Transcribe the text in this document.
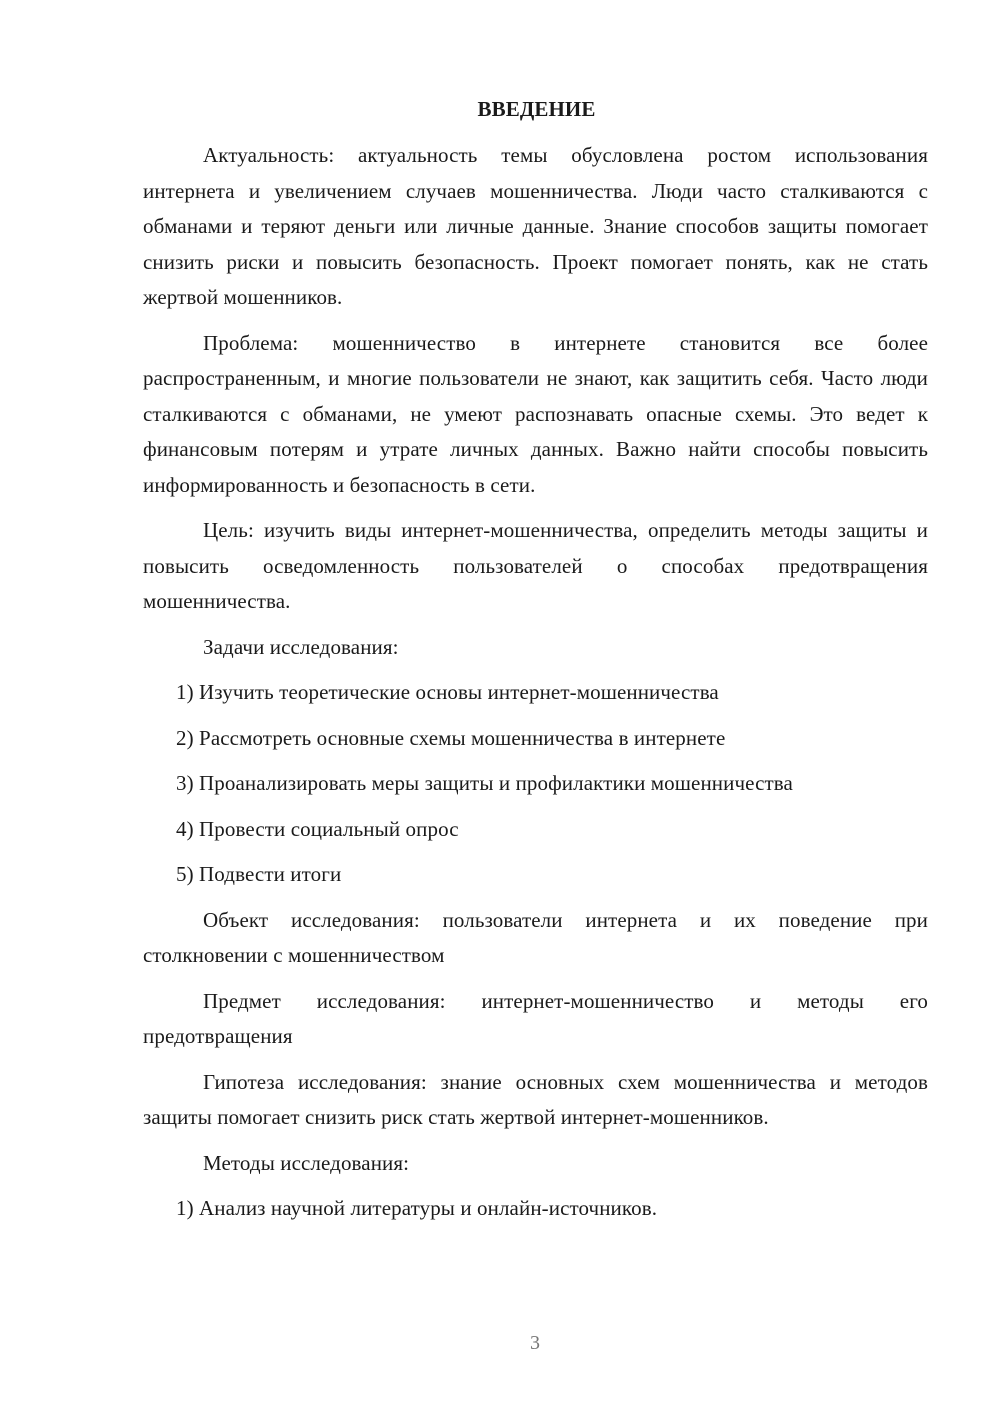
ВВЕДЕНИЕ

Актуальность: актуальность темы обусловлена ростом использования интернета и увеличением случаев мошенничества. Люди часто сталкиваются с обманами и теряют деньги или личные данные. Знание способов защиты помогает снизить риски и повысить безопасность. Проект помогает понять, как не стать жертвой мошенников.

Проблема: мошенничество в интернете становится все более распространенным, и многие пользователи не знают, как защитить себя. Часто люди сталкиваются с обманами, не умеют распознавать опасные схемы. Это ведет к финансовым потерям и утрате личных данных. Важно найти способы повысить информированность и безопасность в сети.

Цель: изучить виды интернет-мошенничества, определить методы защиты и повысить осведомленность пользователей о способах предотвращения мошенничества.

Задачи исследования:

1) Изучить теоретические основы интернет-мошенничества
2) Рассмотреть основные схемы мошенничества в интернете
3) Проанализировать меры защиты и профилактики мошенничества
4) Провести социальный опрос
5) Подвести итоги

Объект исследования: пользователи интернета и их поведение при столкновении с мошенничеством

Предмет исследования: интернет-мошенничество и методы его предотвращения

Гипотеза исследования: знание основных схем мошенничества и методов защиты помогает снизить риск стать жертвой интернет-мошенников.

Методы исследования:

1) Анализ научной литературы и онлайн-источников.
3
